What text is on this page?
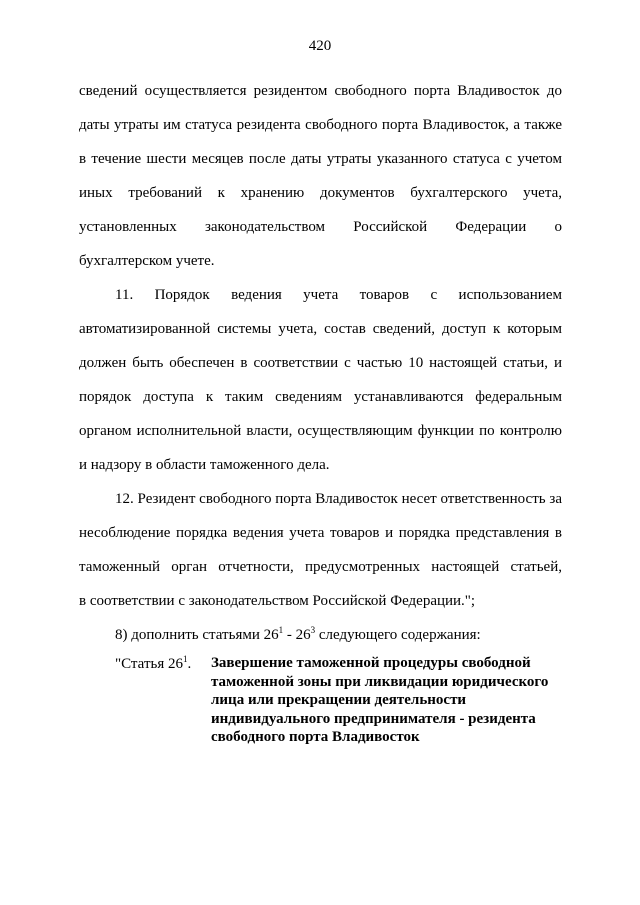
420
сведений осуществляется резидентом свободного порта Владивосток до
даты утраты им статуса резидента свободного порта Владивосток, а также
в течение шести месяцев после даты утраты указанного статуса с учетом
иных требований к хранению документов бухгалтерского учета,
установленных законодательством Российской Федерации о
бухгалтерском учете.
11. Порядок ведения учета товаров с использованием
автоматизированной системы учета, состав сведений, доступ к которым
должен быть обеспечен в соответствии с частью 10 настоящей статьи, и
порядок доступа к таким сведениям устанавливаются федеральным
органом исполнительной власти, осуществляющим функции по контролю
и надзору в области таможенного дела.
12. Резидент свободного порта Владивосток несет ответственность за
несоблюдение порядка ведения учета товаров и порядка представления в
таможенный орган отчетности, предусмотренных настоящей статьей,
в соответствии с законодательством Российской Федерации.";
8) дополнить статьями $26^1 - 26^3$ следующего содержания:
"Статья $26^1$. Завершение таможенной процедуры свободной таможенной зоны при ликвидации юридического лица или прекращении деятельности индивидуального предпринимателя - резидента свободного порта Владивосток
